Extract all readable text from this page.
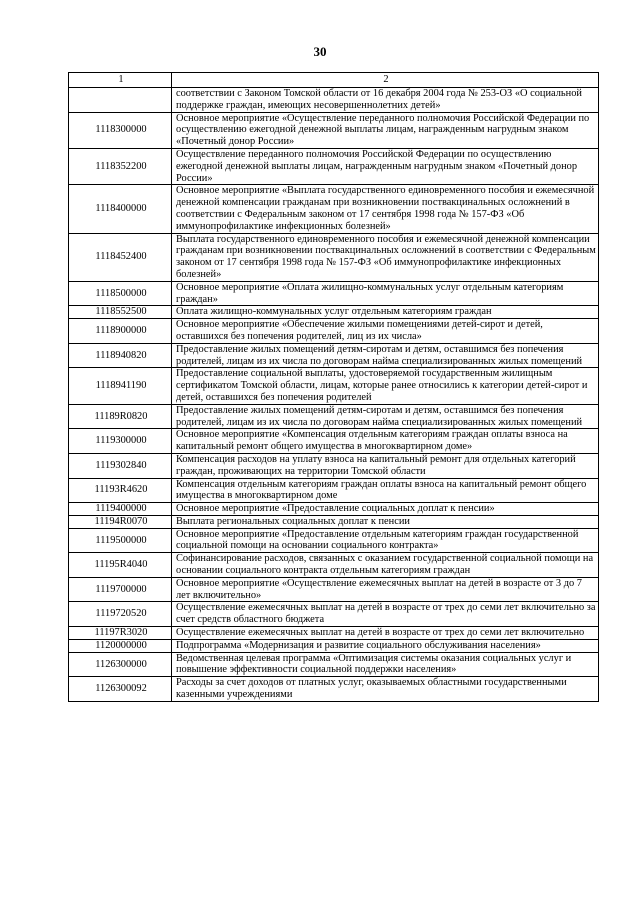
30
1	2
	соответствии с Законом Томской области от 16 декабря 2004 года № 253-ОЗ «О социальной поддержке граждан, имеющих несовершеннолетних детей»
1118300000	Основное мероприятие «Осуществление переданного полномочия Российской Федерации по осуществлению ежегодной денежной выплаты лицам, награжденным нагрудным знаком «Почетный донор России»
1118352200	Осуществление переданного полномочия Российской Федерации по осуществлению ежегодной денежной выплаты лицам, награжденным нагрудным знаком «Почетный донор России»
1118400000	Основное мероприятие «Выплата государственного единовременного пособия и ежемесячной денежной компенсации гражданам при возникновении поствакцинальных осложнений в соответствии с Федеральным законом от 17 сентября 1998 года № 157-ФЗ «Об иммунопрофилактике инфекционных болезней»
1118452400	Выплата государственного единовременного пособия и ежемесячной денежной компенсации гражданам при возникновении поствакцинальных осложнений в соответствии с Федеральным законом от 17 сентября 1998 года № 157-ФЗ «Об иммунопрофилактике инфекционных болезней»
1118500000	Основное мероприятие «Оплата жилищно-коммунальных услуг отдельным категориям граждан»
1118552500	Оплата жилищно-коммунальных услуг отдельным категориям граждан
1118900000	Основное мероприятие «Обеспечение жилыми помещениями детей-сирот и детей, оставшихся без попечения родителей, лиц из их числа»
1118940820	Предоставление жилых помещений детям-сиротам и детям, оставшимся без попечения родителей, лицам из их числа по договорам найма специализированных жилых помещений
1118941190	Предоставление социальной выплаты, удостоверяемой государственным жилищным сертификатом Томской области, лицам, которые ранее относились к категории детей-сирот и детей, оставшихся без попечения родителей
11189R0820	Предоставление жилых помещений детям-сиротам и детям, оставшимся без попечения родителей, лицам из их числа по договорам найма специализированных жилых помещений
1119300000	Основное мероприятие «Компенсация отдельным категориям граждан оплаты взноса на капитальный ремонт общего имущества в многоквартирном доме»
1119302840	Компенсация расходов на уплату взноса на капитальный ремонт для отдельных категорий граждан, проживающих на территории Томской области
11193R4620	Компенсация отдельным категориям граждан оплаты взноса на капитальный ремонт общего имущества в многоквартирном доме
1119400000	Основное мероприятие «Предоставление социальных доплат к пенсии»
11194R0070	Выплата региональных социальных доплат к пенсии
1119500000	Основное мероприятие «Предоставление отдельным категориям граждан государственной социальной помощи на основании социального контракта»
11195R4040	Софинансирование расходов, связанных с оказанием государственной социальной помощи на основании социального контракта отдельным категориям граждан
1119700000	Основное мероприятие «Осуществление ежемесячных выплат на детей в возрасте от 3 до 7 лет включительно»
1119720520	Осуществление ежемесячных выплат на детей в возрасте от трех до семи лет включительно за счет средств областного бюджета
11197R3020	Осуществление ежемесячных выплат на детей в возрасте от трех до семи лет включительно
1120000000	Подпрограмма «Модернизация и развитие социального обслуживания населения»
1126300000	Ведомственная целевая программа «Оптимизация системы оказания социальных услуг и повышение эффективности социальной поддержки населения»
1126300092	Расходы за счет доходов от платных услуг, оказываемых областными государственными казенными учреждениями
